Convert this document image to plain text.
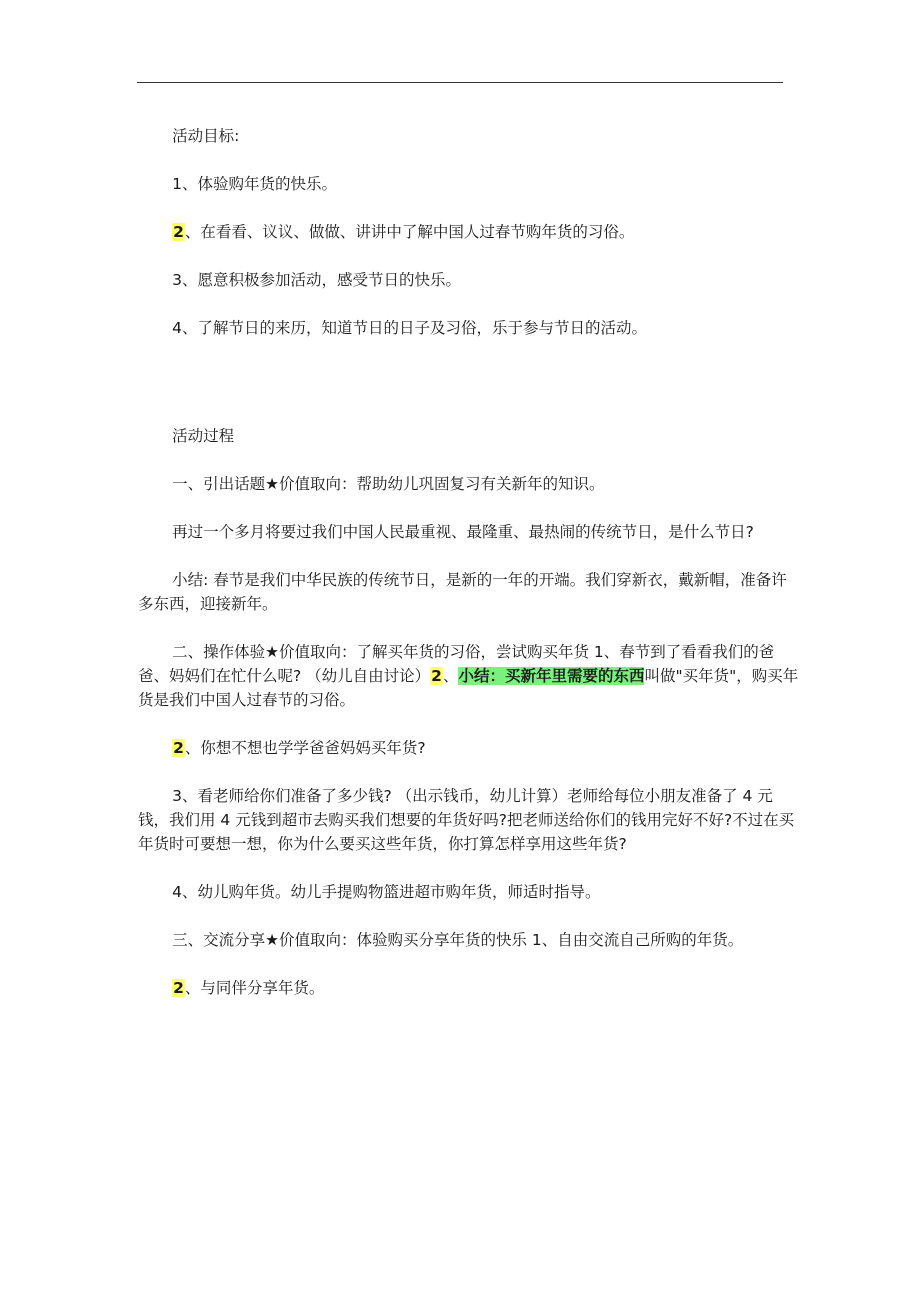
活动目标:

1、体验购年货的快乐。

2、在看看、议议、做做、讲讲中了解中国人过春节购年货的习俗。

3、愿意积极参加活动，感受节日的快乐。

4、了解节日的来历，知道节日的日子及习俗，乐于参与节日的活动。

活动过程

一、引出话题★价值取向：帮助幼儿巩固复习有关新年的知识。

再过一个多月将要过我们中国人民最重视、最隆重、最热闹的传统节日，是什么节日?

小结: 春节是我们中华民族的传统节日，是新的一年的开端。我们穿新衣，戴新帽，准备许多东西，迎接新年。

二、操作体验★价值取向：了解买年货的习俗，尝试购买年货 1、春节到了看看我们的爸爸、妈妈们在忙什么呢? （幼儿自由讨论）2、小结：买新年里需要的东西叫做"买年货"，购买年货是我们中国人过春节的习俗。

2、你想不想也学学爸爸妈妈买年货?

3、看老师给你们准备了多少钱? （出示钱币，幼儿计算）老师给每位小朋友准备了 4 元钱，我们用 4 元钱到超市去购买我们想要的年货好吗?把老师送给你们的钱用完好不好?不过在买年货时可要想一想，你为什么要买这些年货，你打算怎样享用这些年货?

4、幼儿购年货。幼儿手提购物篮进超市购年货，师适时指导。

三、交流分享★价值取向：体验购买分享年货的快乐 1、自由交流自己所购的年货。

2、与同伴分享年货。
